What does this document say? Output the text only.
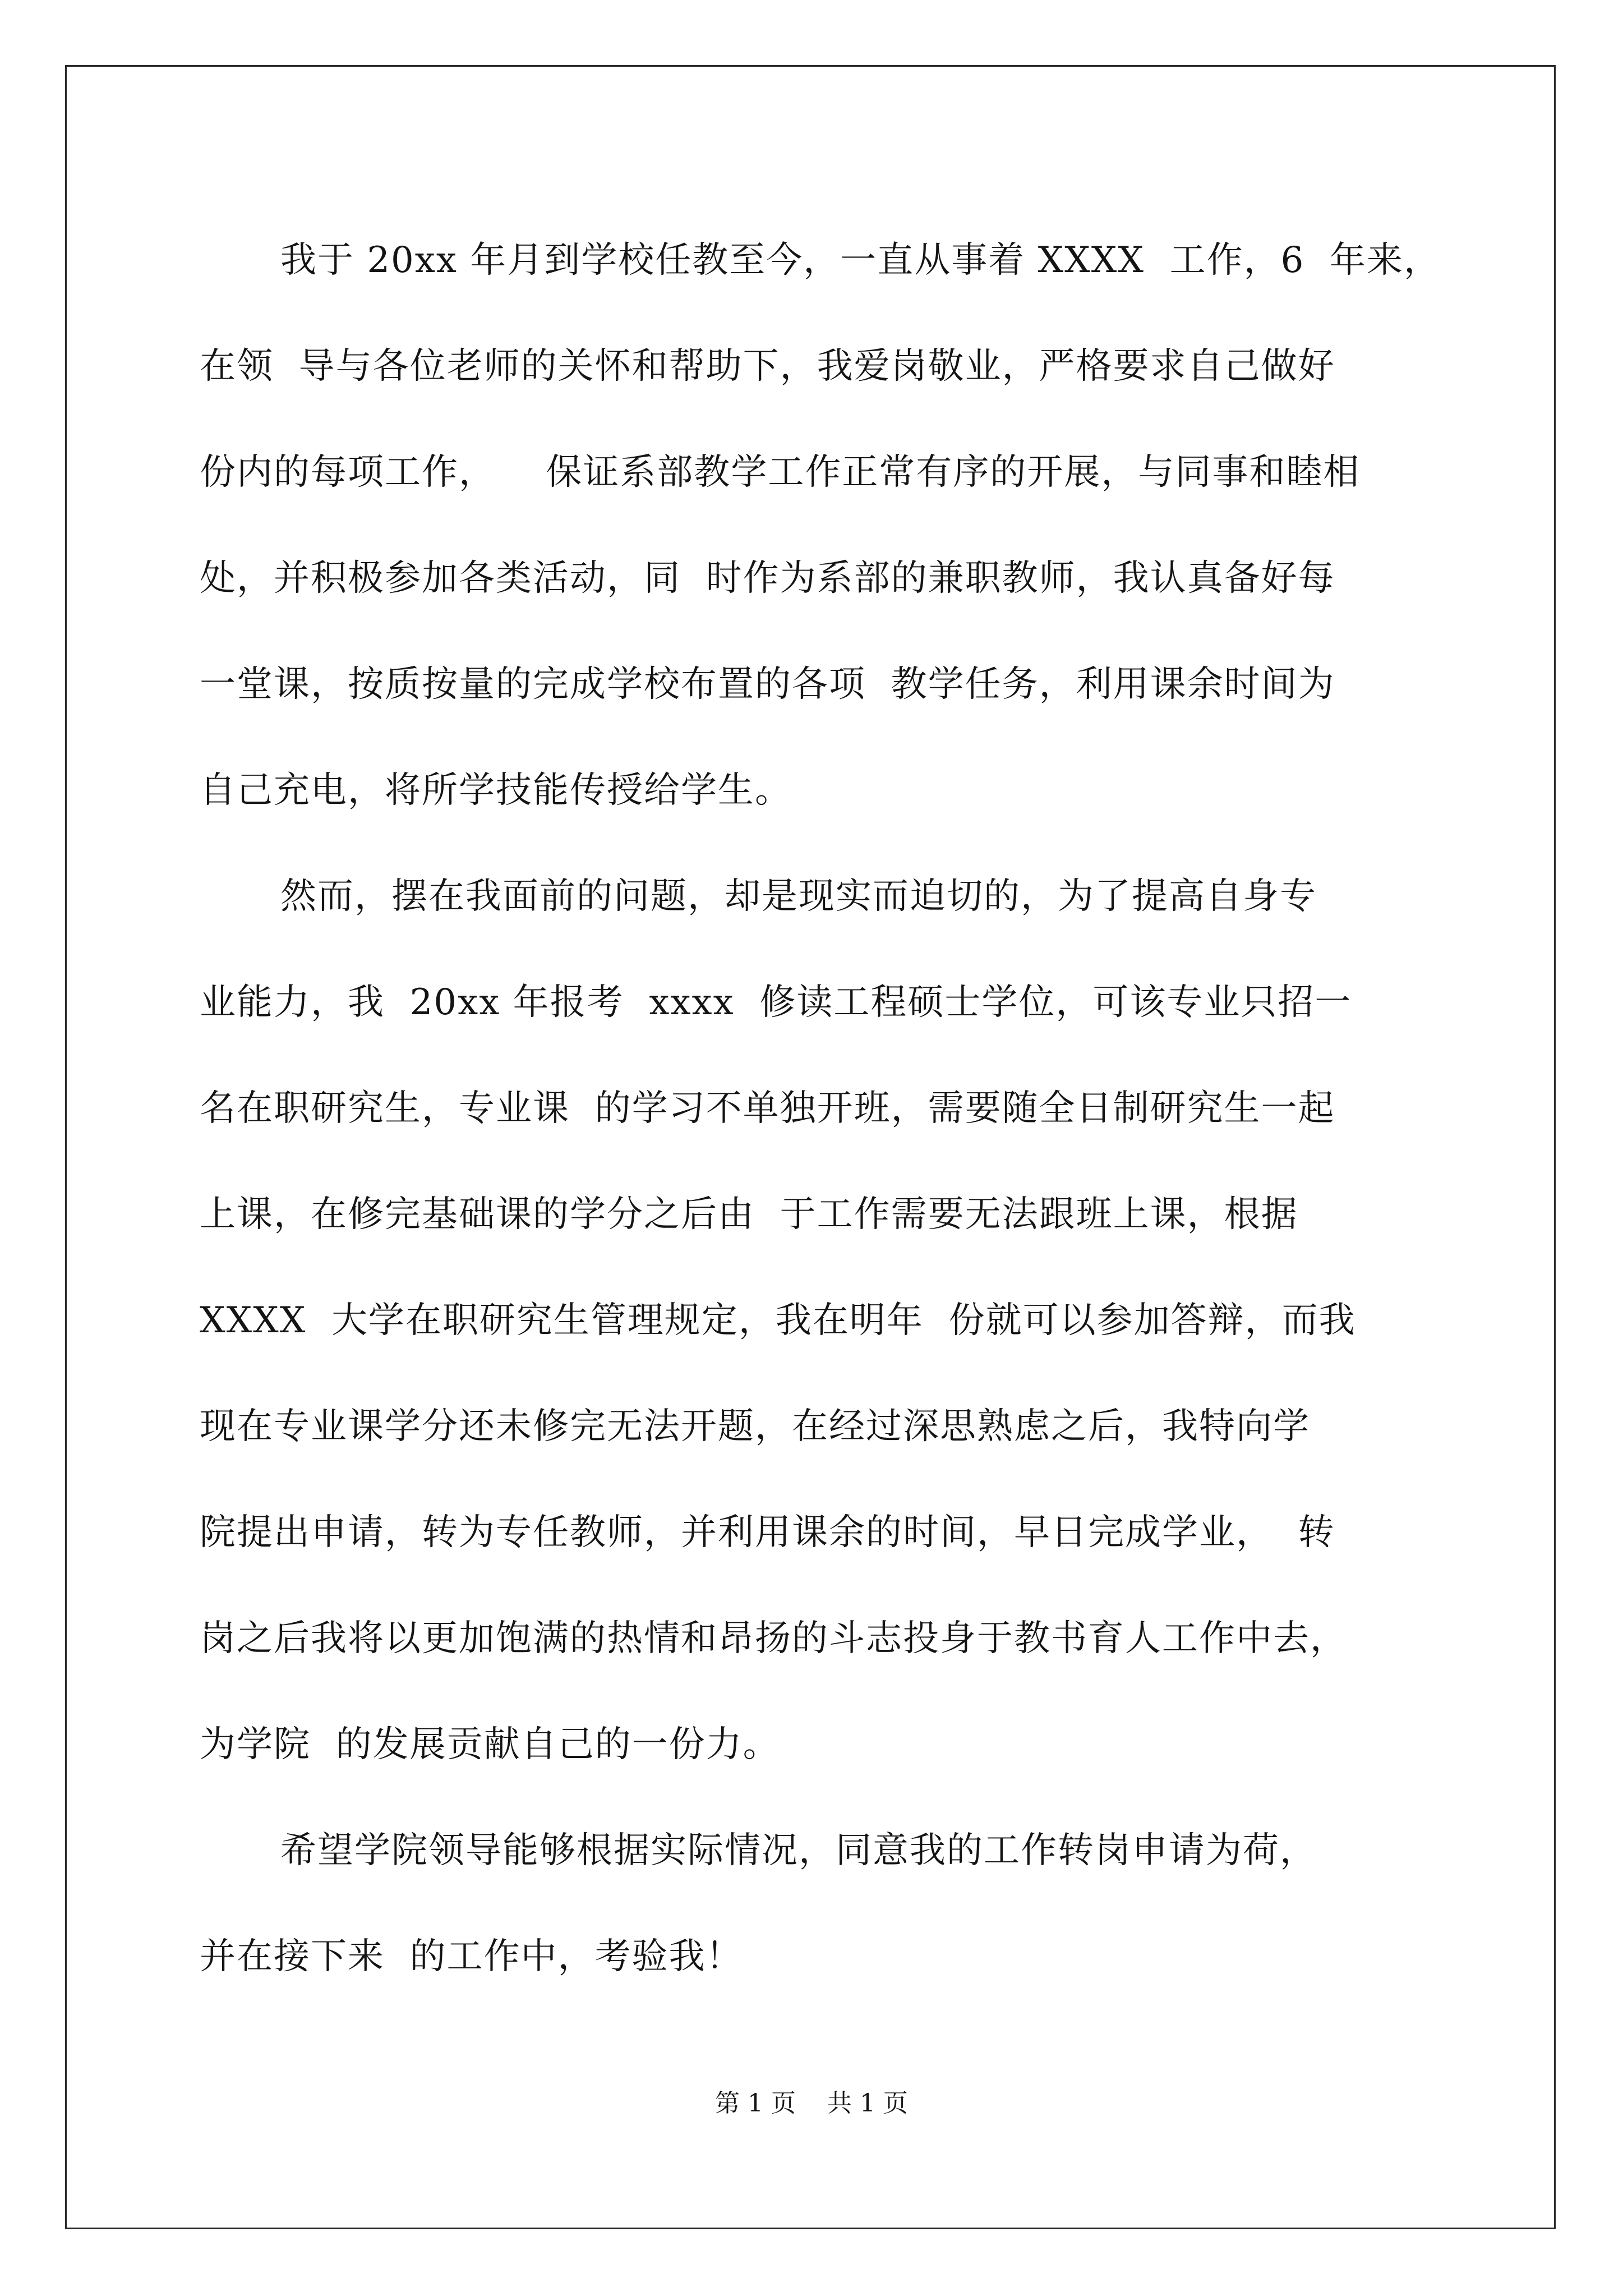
我于 20xx 年月到学校任教至今，一直从事着 XXXX  工作，6  年来，

在领  导与各位老师的关怀和帮助下，我爱岗敬业，严格要求自己做好

份内的每项工作，    保证系部教学工作正常有序的开展，与同事和睦相

处，并积极参加各类活动，同  时作为系部的兼职教师，我认真备好每

一堂课，按质按量的完成学校布置的各项  教学任务，利用课余时间为

自己充电，将所学技能传授给学生。

然而，摆在我面前的问题，却是现实而迫切的，为了提高自身专

业能力，我  20xx 年报考  xxxx  修读工程硕士学位，可该专业只招一

名在职研究生，专业课  的学习不单独开班，需要随全日制研究生一起

上课，在修完基础课的学分之后由  于工作需要无法跟班上课，根据

XXXX  大学在职研究生管理规定，我在明年  份就可以参加答辩，而我

现在专业课学分还未修完无法开题，在经过深思熟虑之后，我特向学

院提出申请，转为专任教师，并利用课余的时间，早日完成学业，  转

岗之后我将以更加饱满的热情和昂扬的斗志投身于教书育人工作中去，

为学院  的发展贡献自己的一份力。

希望学院领导能够根据实际情况，同意我的工作转岗申请为荷，

并在接下来  的工作中，考验我！

第 1 页    共 1 页
